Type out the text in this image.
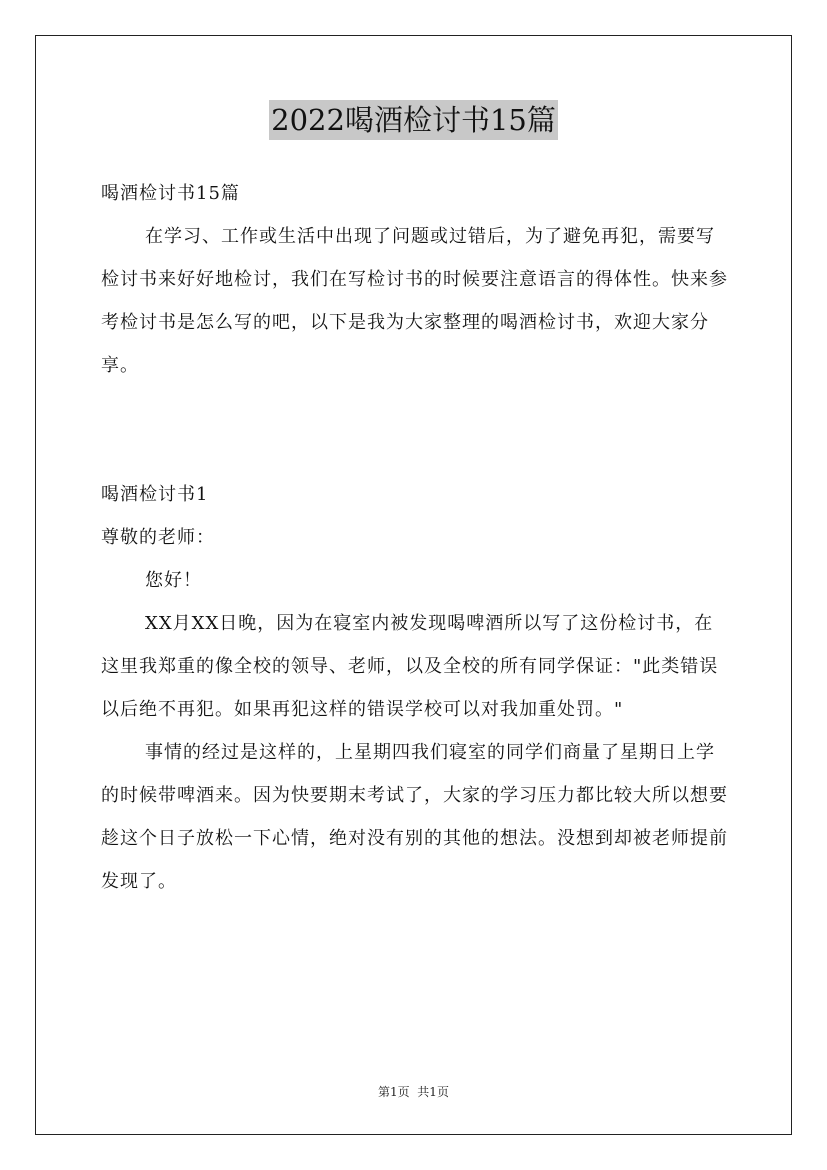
2022喝酒检讨书15篇

喝酒检讨书15篇

在学习、工作或生活中出现了问题或过错后，为了避免再犯，需要写检讨书来好好地检讨，我们在写检讨书的时候要注意语言的得体性。快来参考检讨书是怎么写的吧，以下是我为大家整理的喝酒检讨书，欢迎大家分享。

喝酒检讨书1

尊敬的老师：

您好！

XX月XX日晚，因为在寝室内被发现喝啤酒所以写了这份检讨书，在这里我郑重的像全校的领导、老师，以及全校的所有同学保证："此类错误以后绝不再犯。如果再犯这样的错误学校可以对我加重处罚。"

事情的经过是这样的，上星期四我们寝室的同学们商量了星期日上学的时候带啤酒来。因为快要期末考试了，大家的学习压力都比较大所以想要趁这个日子放松一下心情，绝对没有别的其他的想法。没想到却被老师提前发现了。

第1页  共1页
